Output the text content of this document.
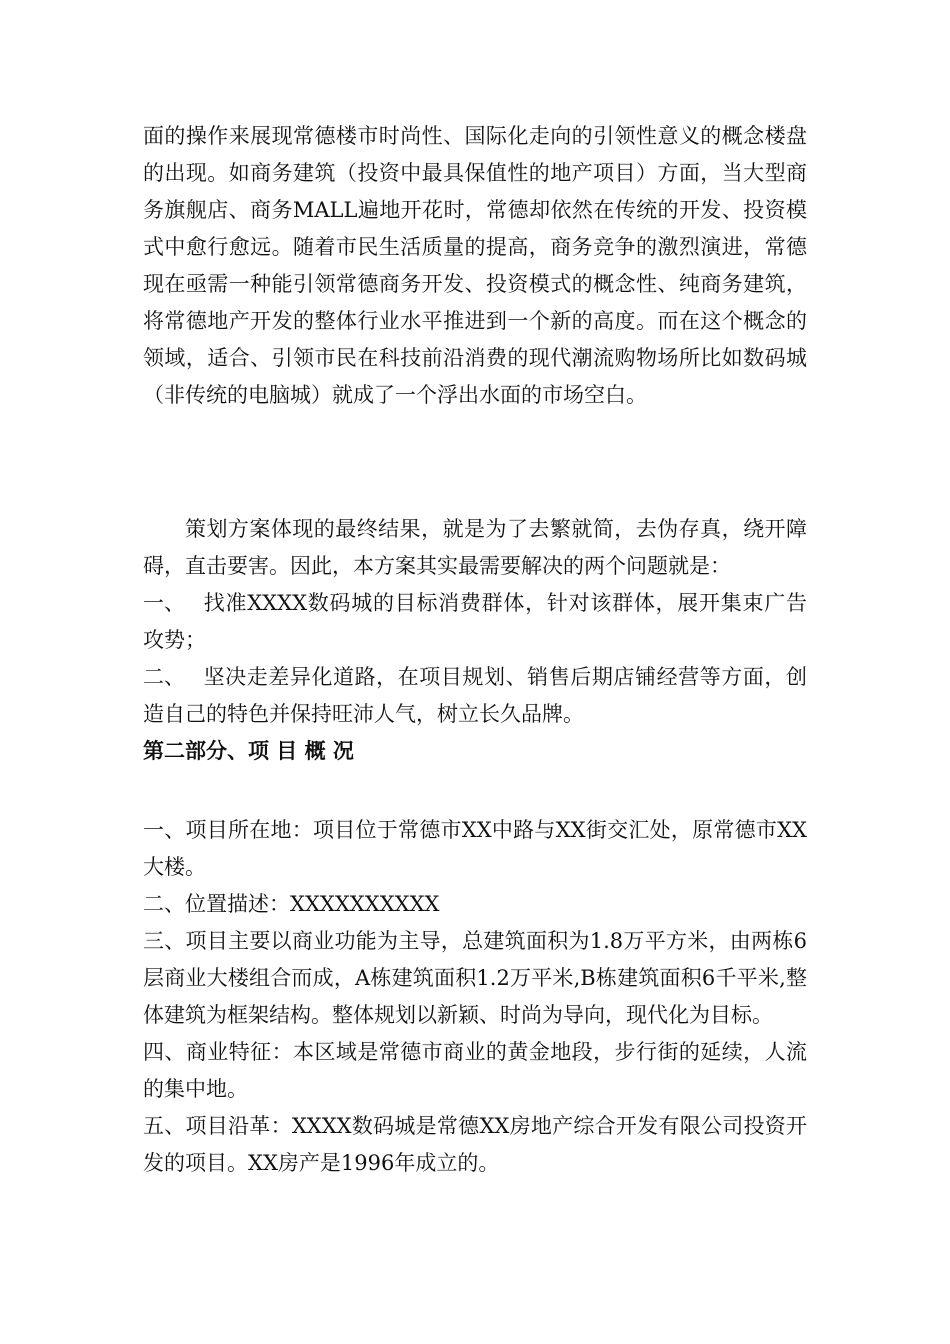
面的操作来展现常德楼市时尚性、国际化走向的引领性意义的概念楼盘的出现。如商务建筑（投资中最具保值性的地产项目）方面，当大型商务旗舰店、商务MALL遍地开花时，常德却依然在传统的开发、投资模式中愈行愈远。随着市民生活质量的提高，商务竞争的激烈演进，常德现在亟需一种能引领常德商务开发、投资模式的概念性、纯商务建筑，将常德地产开发的整体行业水平推进到一个新的高度。而在这个概念的领域，适合、引领市民在科技前沿消费的现代潮流购物场所比如数码城（非传统的电脑城）就成了一个浮出水面的市场空白。

策划方案体现的最终结果，就是为了去繁就简，去伪存真，绕开障碍，直击要害。因此，本方案其实最需要解决的两个问题就是：

一、 找准XXXX数码城的目标消费群体，针对该群体，展开集束广告攻势；

二、 坚决走差异化道路，在项目规划、销售后期店铺经营等方面，创造自己的特色并保持旺沛人气，树立长久品牌。

第二部分、项 目 概 况

一、项目所在地：项目位于常德市XX中路与XX街交汇处，原常德市XX大楼。

二、位置描述：XXXXXXXXXX

三、项目主要以商业功能为主导，总建筑面积为1.8万平方米，由两栋6层商业大楼组合而成，A栋建筑面积1.2万平米,B栋建筑面积6千平米,整体建筑为框架结构。整体规划以新颖、时尚为导向，现代化为目标。

四、商业特征：本区域是常德市商业的黄金地段，步行街的延续，人流的集中地。

五、项目沿革：XXXX数码城是常德XX房地产综合开发有限公司投资开发的项目。XX房产是1996年成立的。
